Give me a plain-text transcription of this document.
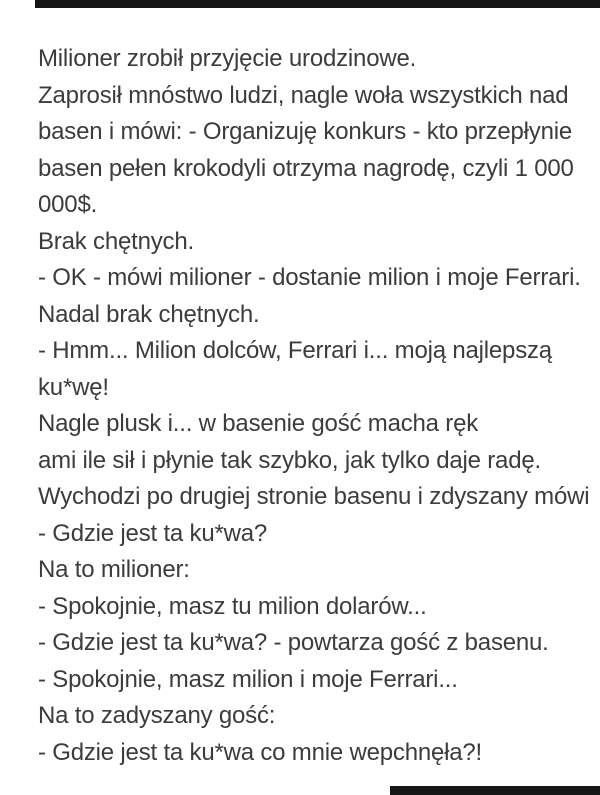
Milioner zrobił przyjęcie urodzinowe.
Zaprosił mnóstwo ludzi, nagle woła wszystkich nad
basen i mówi: - Organizuję konkurs - kto przepłynie
basen pełen krokodyli otrzyma nagrodę, czyli 1 000
000$.
Brak chętnych.
- OK - mówi milioner - dostanie milion i moje Ferrari.
Nadal brak chętnych.
- Hmm... Milion dolców, Ferrari i... moją najlepszą
ku*wę!
Nagle plusk i... w basenie gość macha ręk
ami ile sił i płynie tak szybko, jak tylko daje radę.
Wychodzi po drugiej stronie basenu i zdyszany mówi
- Gdzie jest ta ku*wa?
Na to milioner:
- Spokojnie, masz tu milion dolarów...
- Gdzie jest ta ku*wa? - powtarza gość z basenu.
- Spokojnie, masz milion i moje Ferrari...
Na to zadyszany gość:
- Gdzie jest ta ku*wa co mnie wepchnęła?!
